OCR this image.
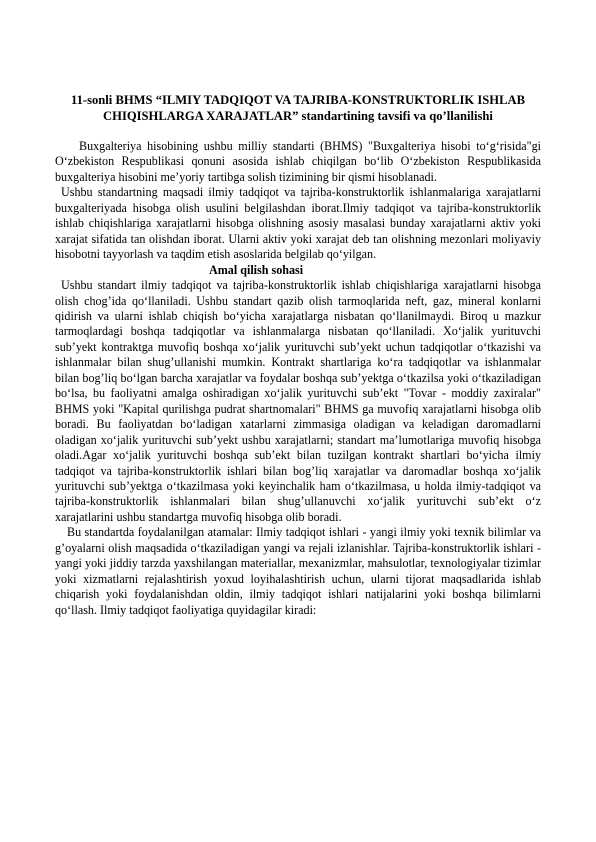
11-sonli BHMS “ILMIY TADQIQOT VA TAJRIBA-KONSTRUKTORLIK ISHLAB CHIQISHLARGA XARAJATLAR” standartining tavsifi va qo’llanilishi

Buxgalteriya hisobining ushbu milliy standarti (BHMS) "Buxgalteriya hisobi to‘g‘risida"gi O‘zbekiston Respublikasi qonuni asosida ishlab chiqilgan bo‘lib O‘zbekiston Respublikasida buxgalteriya hisobini me’yoriy tartibga solish tizimining bir qismi hisoblanadi.

Ushbu standartning maqsadi ilmiy tadqiqot va tajriba-konstruktorlik ishlanmalariga xarajatlarni buxgalteriyada hisobga olish usulini belgilashdan iborat.Ilmiy tadqiqot va tajriba-konstruktorlik ishlab chiqishlariga xarajatlarni hisobga olishning asosiy masalasi bunday xarajatlarni aktiv yoki xarajat sifatida tan olishdan iborat. Ularni aktiv yoki xarajat deb tan olishning mezonlari moliyaviy hisobotni tayyorlash va taqdim etish asoslarida belgilab qo‘yilgan.

Amal qilish sohasi

Ushbu standart ilmiy tadqiqot va tajriba-konstruktorlik ishlab chiqishlariga xarajatlarni hisobga olish chog’ida qo‘llaniladi. Ushbu standart qazib olish tarmoqlarida neft, gaz, mineral konlarni qidirish va ularni ishlab chiqish bo‘yicha xarajatlarga nisbatan qo‘llanilmaydi. Biroq u mazkur tarmoqlardagi boshqa tadqiqotlar va ishlanmalarga nisbatan qo‘llaniladi. Xo‘jalik yurituvchi sub’yekt kontraktga muvofiq boshqa xo‘jalik yurituvchi sub’yekt uchun tadqiqotlar o‘tkazishi va ishlanmalar bilan shug’ullanishi mumkin. Kontrakt shartlariga ko‘ra tadqiqotlar va ishlanmalar bilan bog’liq bo‘lgan barcha xarajatlar va foydalar boshqa sub’yektga o‘tkazilsa yoki o‘tkaziladigan bo‘lsa, bu faoliyatni amalga oshiradigan xo‘jalik yurituvchi sub’ekt "Tovar - moddiy zaxiralar" BHMS yoki "Kapital qurilishga pudrat shartnomalari" BHMS ga muvofiq xarajatlarni hisobga olib boradi. Bu faoliyatdan bo‘ladigan xatarlarni zimmasiga oladigan va keladigan daromadlarni oladigan xo‘jalik yurituvchi sub’yekt ushbu xarajatlarni; standart ma’lumotlariga muvofiq hisobga oladi.Agar xo‘jalik yurituvchi boshqa sub’ekt bilan tuzilgan kontrakt shartlari bo‘yicha ilmiy tadqiqot va tajriba-konstruktorlik ishlari bilan bog’liq xarajatlar va daromadlar boshqa xo‘jalik yurituvchi sub’yektga o‘tkazilmasa yoki keyinchalik ham o‘tkazilmasa, u holda ilmiy-tadqiqot va tajriba-konstruktorlik ishlanmalari bilan shug’ullanuvchi xo‘jalik yurituvchi sub’ekt o‘z xarajatlarini ushbu standartga muvofiq hisobga olib boradi.

Bu standartda foydalanilgan atamalar: Ilmiy tadqiqot ishlari - yangi ilmiy yoki texnik bilimlar va g’oyalarni olish maqsadida o‘tkaziladigan yangi va rejali izlanishlar. Tajriba-konstruktorlik ishlari - yangi yoki jiddiy tarzda yaxshilangan materiallar, mexanizmlar, mahsulotlar, texnologiyalar tizimlar yoki xizmatlarni rejalashtirish yoxud loyihalashtirish uchun, ularni tijorat maqsadlarida ishlab chiqarish yoki foydalanishdan oldin, ilmiy tadqiqot ishlari natijalarini yoki boshqa bilimlarni qo‘llash. Ilmiy tadqiqot faoliyatiga quyidagilar kiradi:
